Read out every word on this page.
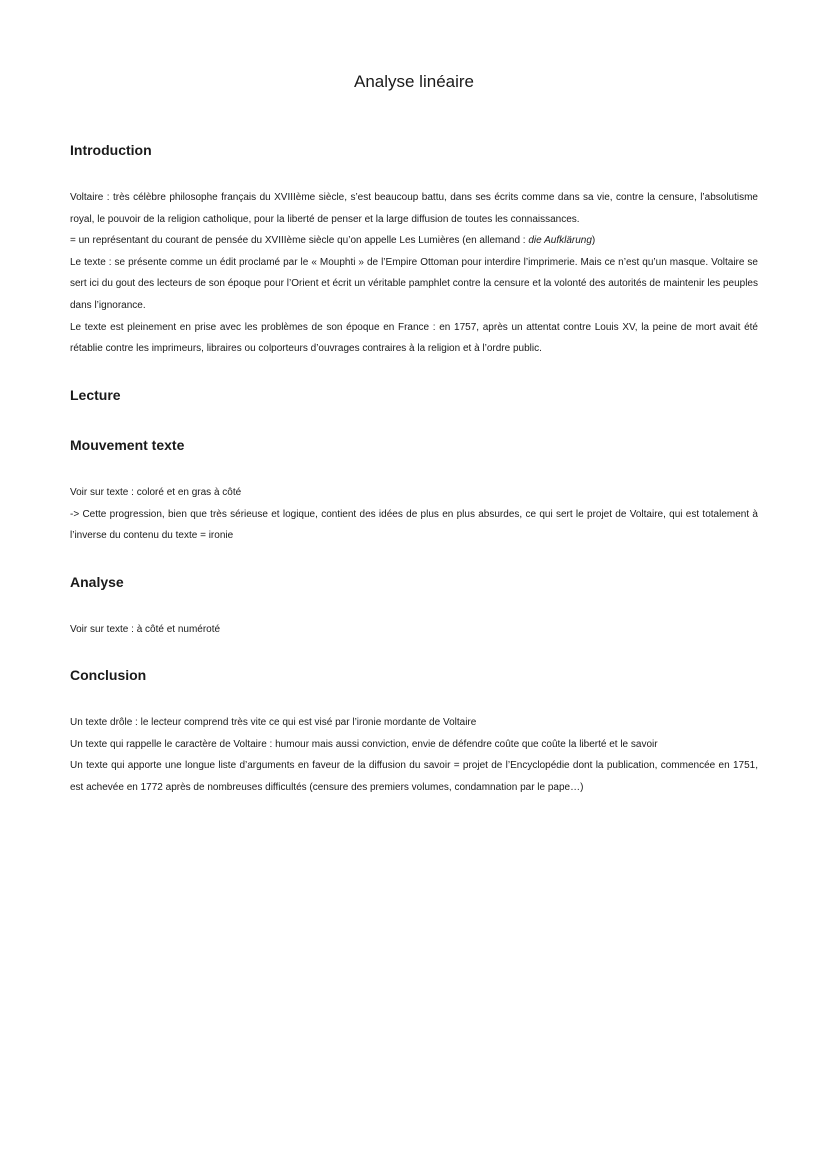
Analyse linéaire
Introduction

Voltaire : très célèbre philosophe français du XVIIIème siècle, s’est beaucoup battu, dans ses écrits comme dans sa vie, contre la censure, l’absolutisme royal, le pouvoir de la religion catholique, pour la liberté de penser et la large diffusion de toutes les connaissances.

= un représentant du courant de pensée du XVIIIème siècle qu’on appelle Les Lumières (en allemand : die Aufklärung)

Le texte : se présente comme un édit proclamé par le « Mouphti » de l’Empire Ottoman pour interdire l’imprimerie. Mais ce n’est qu’un masque. Voltaire se sert ici du gout des lecteurs de son époque pour l’Orient et écrit un véritable pamphlet contre la censure et la volonté des autorités de maintenir les peuples dans l’ignorance.

Le texte est pleinement en prise avec les problèmes de son époque en France : en 1757, après un attentat contre Louis XV, la peine de mort avait été rétablie contre les imprimeurs, libraires ou colporteurs d’ouvrages contraires à la religion et à l’ordre public.

Lecture
Mouvement texte

Voir sur texte : coloré et en gras à côté

-> Cette progression, bien que très sérieuse et logique, contient des idées de plus en plus absurdes, ce qui sert le projet de Voltaire, qui est totalement à l’inverse du contenu du texte = ironie

Analyse

Voir sur texte : à côté et numéroté

Conclusion

Un texte drôle : le lecteur comprend très vite ce qui est visé par l’ironie mordante de Voltaire

Un texte qui rappelle le caractère de Voltaire : humour mais aussi conviction, envie de défendre coûte que coûte la liberté et le savoir

Un texte qui apporte une longue liste d’arguments en faveur de la diffusion du savoir = projet de l’Encyclopédie dont la publication, commencée en 1751, est achevée en 1772 après de nombreuses difficultés (censure des premiers volumes, condamnation par le pape…)
